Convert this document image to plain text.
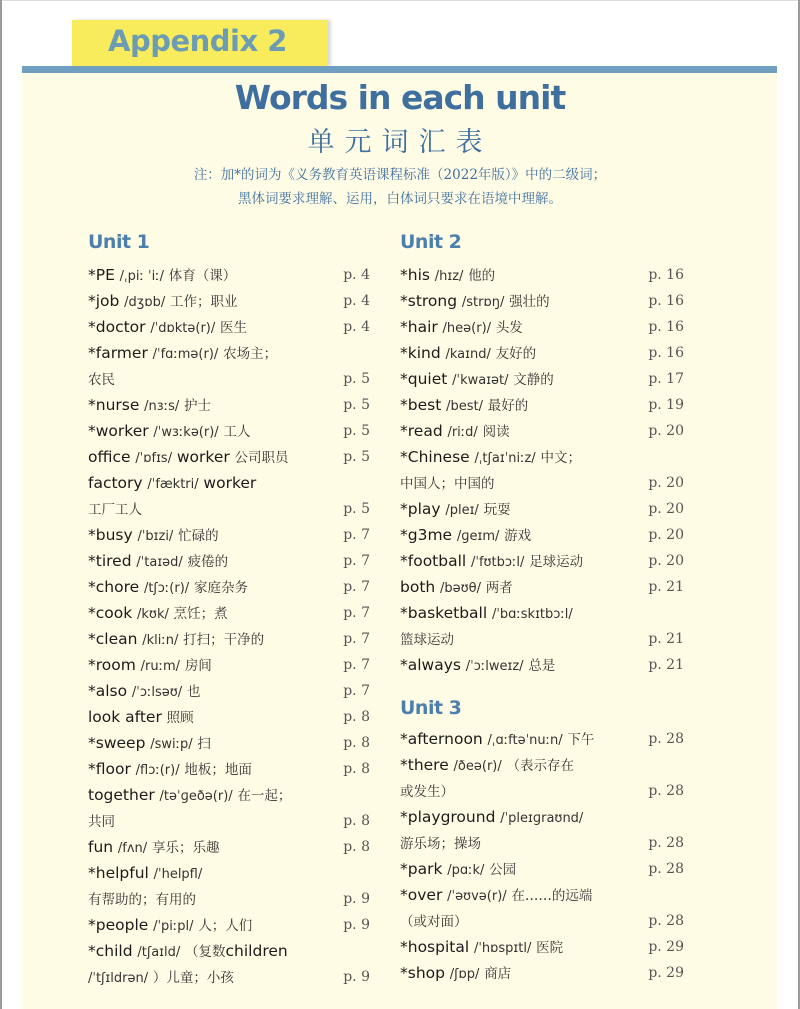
Appendix 2
Words in each unit
单元词汇表
注：加*的词为《义务教育英语课程标准（2022年版）》中的二级词；
黑体词要求理解、运用，白体词只要求在语境中理解。
Unit 1
*PE /ˌpiː ˈiː/ 体育（课）	p. 4
*job /dʒɒb/ 工作；职业	p. 4
*doctor /ˈdɒktə(r)/ 医生	p. 4
*farmer /ˈfɑːmə(r)/ 农场主；
农民	p. 5
*nurse /nɜːs/ 护士	p. 5
*worker /ˈwɜːkə(r)/ 工人	p. 5
office /ˈɒfɪs/ worker 公司职员	p. 5
factory /ˈfæktri/ worker
工厂工人	p. 5
*busy /ˈbɪzi/ 忙碌的	p. 7
*tired /ˈtaɪəd/ 疲倦的	p. 7
*chore /tʃɔː(r)/ 家庭杂务	p. 7
*cook /kʊk/ 烹饪；煮	p. 7
*clean /kliːn/ 打扫；干净的	p. 7
*room /ruːm/ 房间	p. 7
*also /ˈɔːlsəʊ/ 也	p. 7
look after 照顾	p. 8
*sweep /swiːp/ 扫	p. 8
*floor /flɔː(r)/ 地板；地面	p. 8
together /təˈɡeðə(r)/ 在一起；
共同	p. 8
fun /fʌn/ 享乐；乐趣	p. 8
*helpful /ˈhelpfl/
有帮助的；有用的	p. 9
*people /ˈpiːpl/ 人；人们	p. 9
*child /tʃaɪld/ （复数children
/ˈtʃɪldrən/ ）儿童；小孩	p. 9
Unit 2
*his /hɪz/ 他的	p. 16
*strong /strɒŋ/ 强壮的	p. 16
*hair /heə(r)/ 头发	p. 16
*kind /kaɪnd/ 友好的	p. 16
*quiet /ˈkwaɪət/ 文静的	p. 17
*best /best/ 最好的	p. 19
*read /riːd/ 阅读	p. 20
*Chinese /ˌtʃaɪˈniːz/ 中文；
中国人；中国的	p. 20
*play /pleɪ/ 玩耍	p. 20
*g3me /ɡeɪm/ 游戏	p. 20
*football /ˈfʊtbɔːl/ 足球运动	p. 20
both /bəʊθ/ 两者	p. 21
*basketball /ˈbɑːskɪtbɔːl/
篮球运动	p. 21
*always /ˈɔːlweɪz/ 总是	p. 21
Unit 3
*afternoon /ˌɑːftəˈnuːn/ 下午	p. 28
*there /ðeə(r)/ （表示存在
或发生）	p. 28
*playground /ˈpleɪɡraʊnd/
游乐场；操场	p. 28
*park /pɑːk/ 公园	p. 28
*over /ˈəʊvə(r)/ 在……的远端
（或对面）	p. 28
*hospital /ˈhɒspɪtl/ 医院	p. 29
*shop /ʃɒp/ 商店	p. 29
